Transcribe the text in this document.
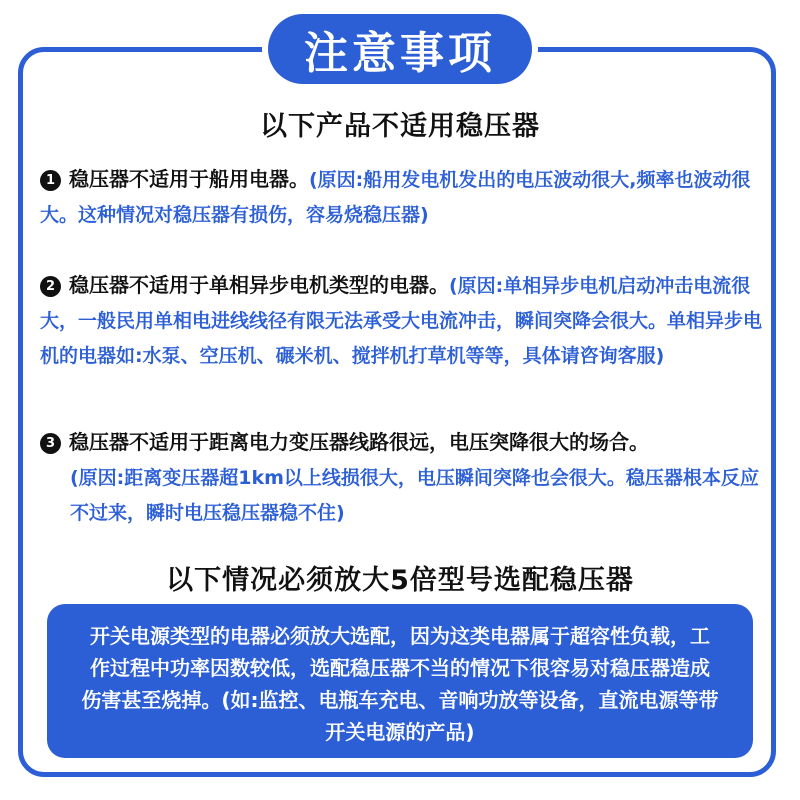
注意事项
以下产品不适用稳压器
1 稳压器不适用于船用电器。(原因:船用发电机发出的电压波动很大,频率也波动很大。这种情况对稳压器有损伤，容易烧稳压器)
2 稳压器不适用于单相异步电机类型的电器。(原因:单相异步电机启动冲击电流很大，一般民用单相电进线线径有限无法承受大电流冲击，瞬间突降会很大。单相异步电机的电器如:水泵、空压机、碾米机、搅拌机打草机等等，具体请咨询客服)
3 稳压器不适用于距离电力变压器线路很远，电压突降很大的场合。
(原因:距离变压器超1km以上线损很大，电压瞬间突降也会很大。稳压器根本反应不过来，瞬时电压稳压器稳不住)
以下情况必须放大5倍型号选配稳压器
开关电源类型的电器必须放大选配，因为这类电器属于超容性负载，工作过程中功率因数较低，选配稳压器不当的情况下很容易对稳压器造成伤害甚至烧掉。(如:监控、电瓶车充电、音响功放等设备，直流电源等带开关电源的产品)
